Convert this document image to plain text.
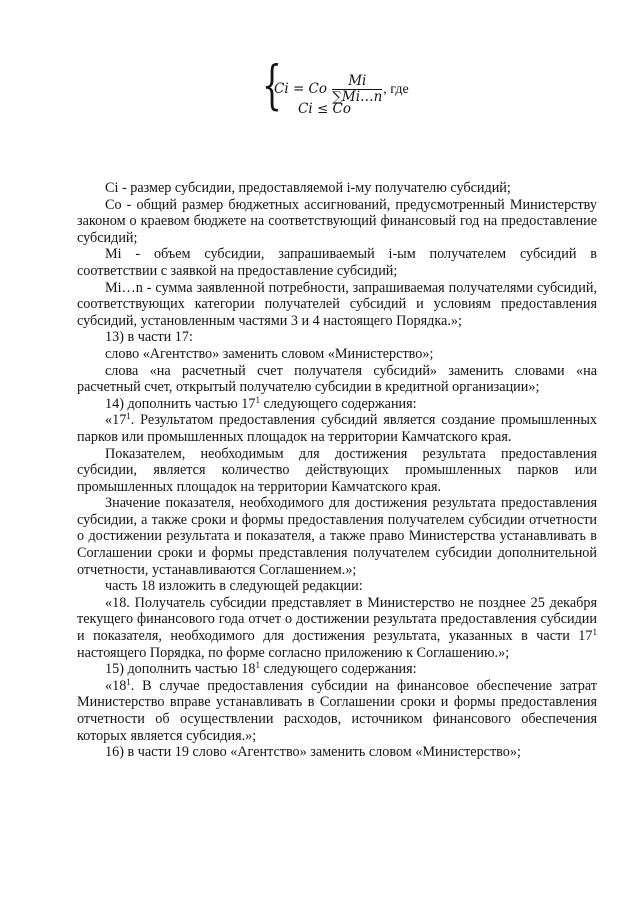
{
Ci = Co $\frac{Mi}{\sum Mi\dots n}$ , где
Ci ≤ Co

Ci - размер субсидии, предоставляемой i-му получателю субсидий;

Co - общий размер бюджетных ассигнований, предусмотренный Министерству законом о краевом бюджете на соответствующий финансовый год на предоставление субсидий;

Mi - объем субсидии, запрашиваемый i-ым получателем субсидий в соответствии с заявкой на предоставление субсидий;

Mi…n - сумма заявленной потребности, запрашиваемая получателями субсидий, соответствующих категории получателей субсидий и условиям предоставления субсидий, установленным частями 3 и 4 настоящего Порядка.»;

13) в части 17:

слово «Агентство» заменить словом «Министерство»;

слова «на расчетный счет получателя субсидий» заменить словами «на расчетный счет, открытый получателю субсидии в кредитной организации»;

14) дополнить частью $17^1$ следующего содержания:

«$17^1$. Результатом предоставления субсидий является создание промышленных парков или промышленных площадок на территории Камчатского края.

Показателем, необходимым для достижения результата предоставления субсидии, является количество действующих промышленных парков или промышленных площадок на территории Камчатского края.

Значение показателя, необходимого для достижения результата предоставления субсидии, а также сроки и формы предоставления получателем субсидии отчетности о достижении результата и показателя, а также право Министерства устанавливать в Соглашении сроки и формы представления получателем субсидии дополнительной отчетности, устанавливаются Соглашением.»;

часть 18 изложить в следующей редакции:

«18. Получатель субсидии представляет в Министерство не позднее 25 декабря текущего финансового года отчет о достижении результата предоставления субсидии и показателя, необходимого для достижения результата, указанных в части $17^1$ настоящего Порядка, по форме согласно приложению к Соглашению.»;

15) дополнить частью $18^1$ следующего содержания:

«$18^1$. В случае предоставления субсидии на финансовое обеспечение затрат Министерство вправе устанавливать в Соглашении сроки и формы предоставления отчетности об осуществлении расходов, источником финансового обеспечения которых является субсидия.»;

16) в части 19 слово «Агентство» заменить словом «Министерство»;
